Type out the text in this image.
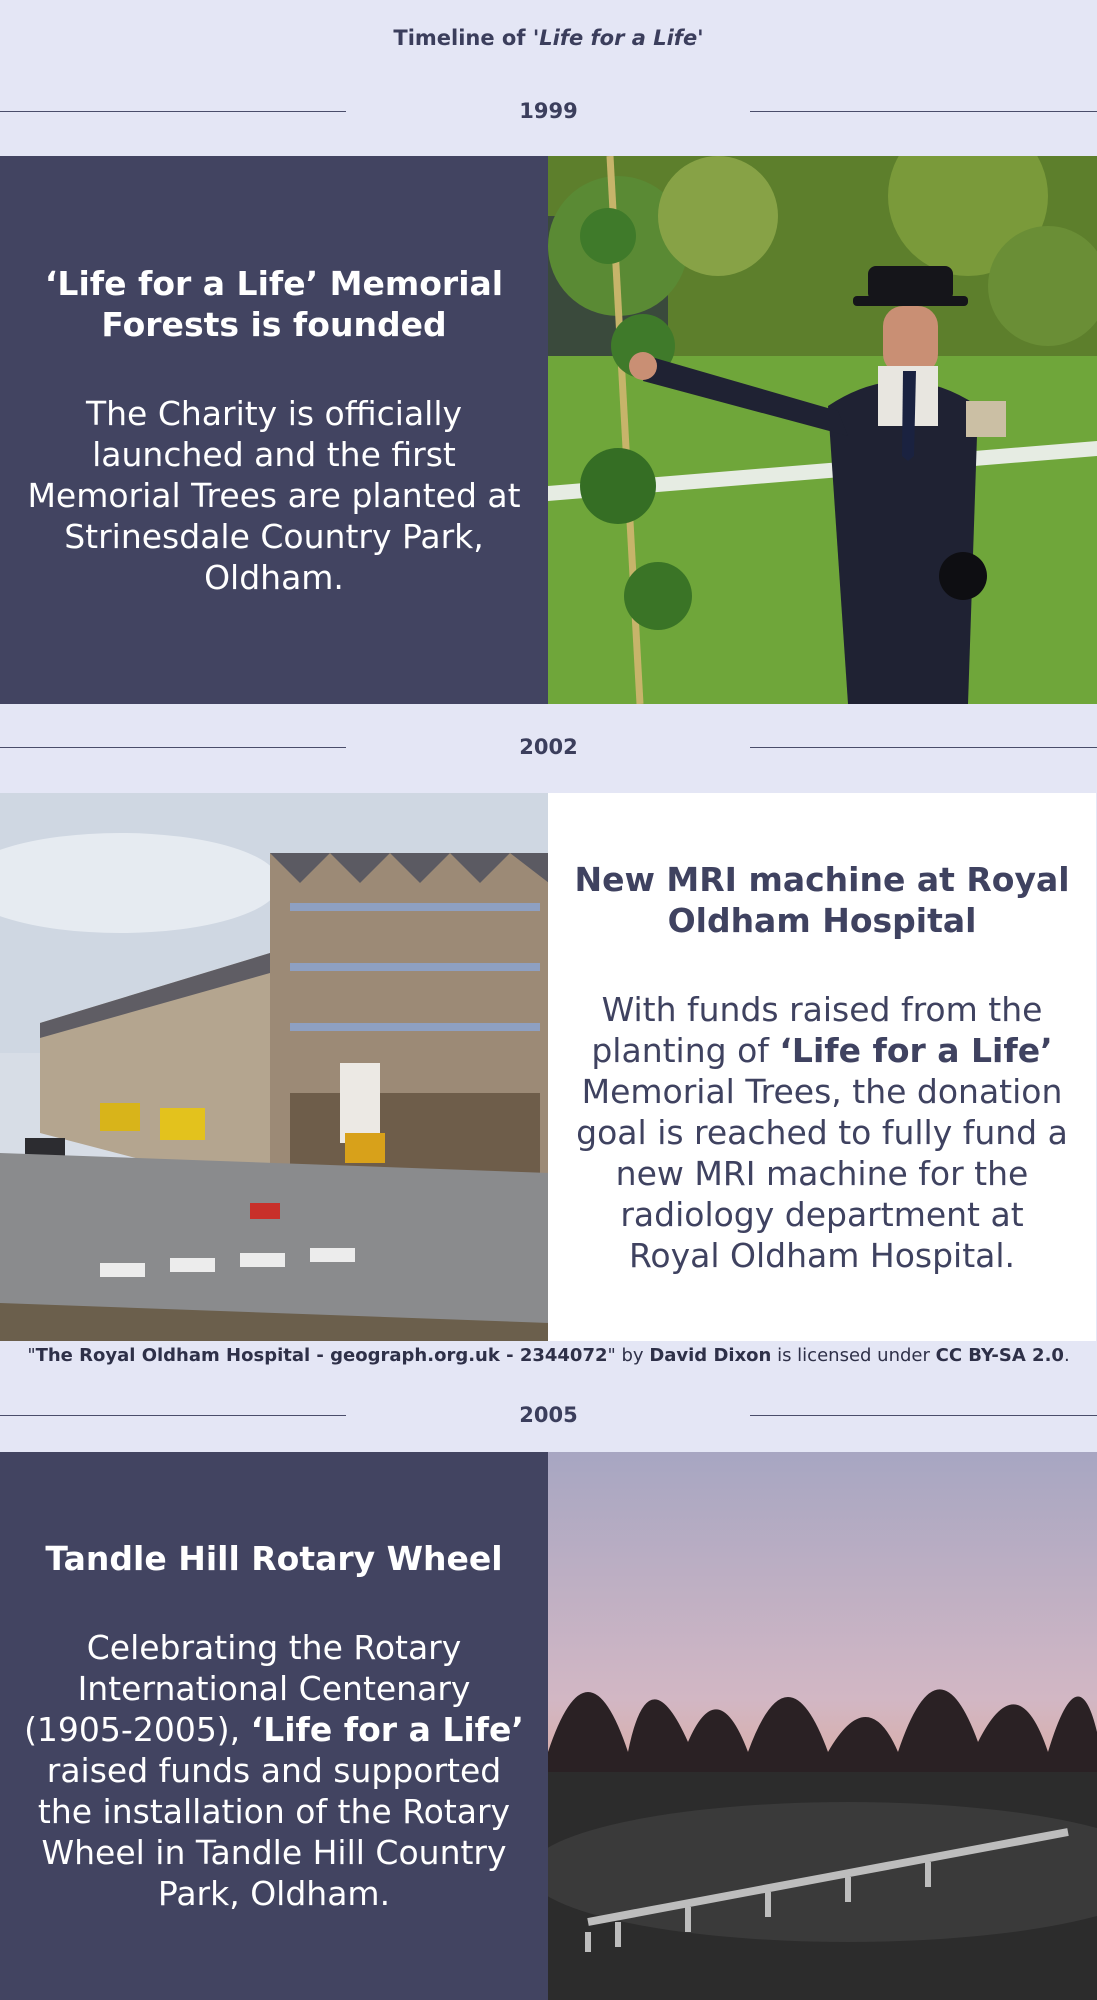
Timeline of 'Life for a Life'
1999
‘Life for a Life’ Memorial Forests is founded

The Charity is officially launched and the first Memorial Trees are planted at Strinesdale Country Park, Oldham.

2002
New MRI machine at Royal Oldham Hospital

With funds raised from the planting of ‘Life for a Life’ Memorial Trees, the donation goal is reached to fully fund a new MRI machine for the radiology department at Royal Oldham Hospital.

"The Royal Oldham Hospital - geograph.org.uk - 2344072" by David Dixon is licensed under CC BY-SA 2.0.
2005
Tandle Hill Rotary Wheel

Celebrating the Rotary International Centenary (1905-2005), ‘Life for a Life’ raised funds and supported the installation of the Rotary Wheel in Tandle Hill Country Park, Oldham.
